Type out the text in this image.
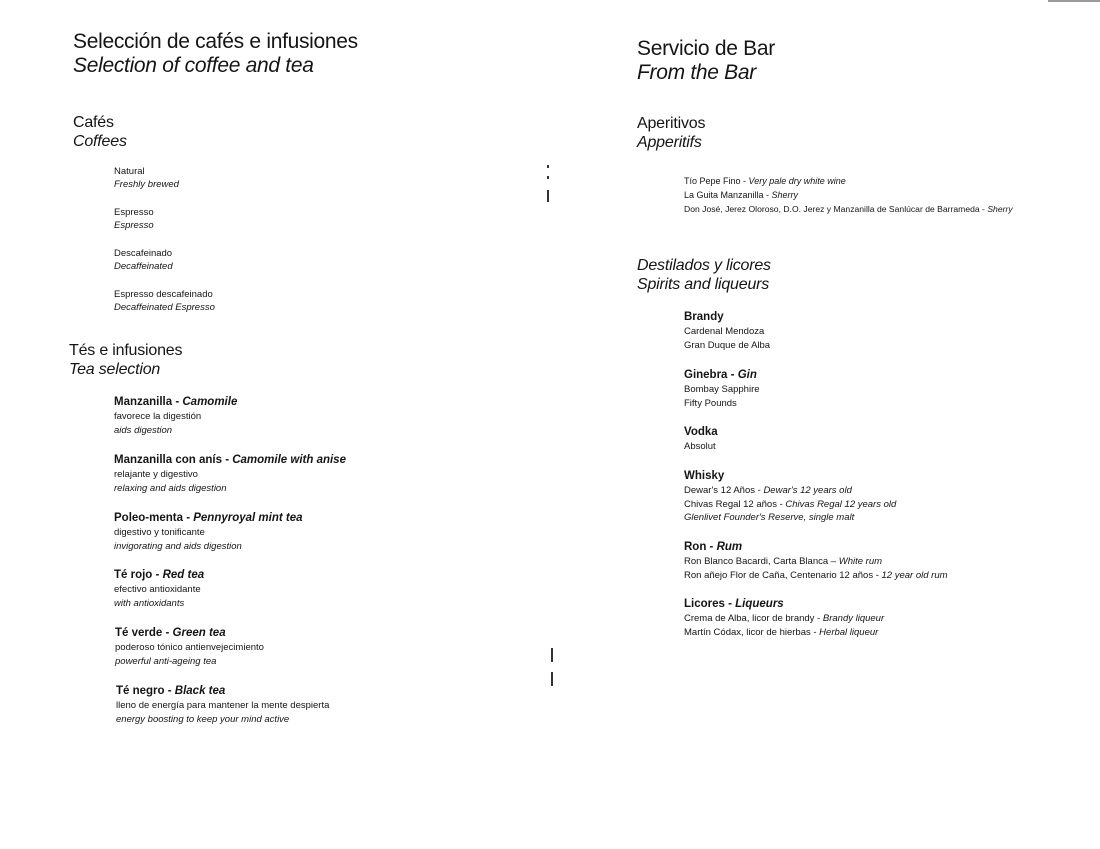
Selección de cafés e infusiones
Selection of coffee and tea
Cafés
Coffees
Natural
Freshly brewed
Espresso
Espresso
Descafeinado
Decaffeinated
Espresso descafeinado
Decaffeinated Espresso
Tés e infusiones
Tea selection
Manzanilla - Camomile
favorece la digestión
aids digestion
Manzanilla con anís - Camomile with anise
relajante y digestivo
relaxing and aids digestion
Poleo-menta - Pennyroyal mint tea
digestivo y tonificante
invigorating and aids digestion
Té rojo - Red tea
efectivo antioxidante
with antioxidants
Té verde - Green tea
poderoso tónico antienvejecimiento
powerful anti-ageing tea
Té negro - Black tea
lleno de energía para mantener la mente despierta
energy boosting to keep your mind active
Servicio de Bar
From the Bar
Aperitivos
Apperitifs
Tío Pepe Fino - Very pale dry white wine
La Guita Manzanilla - Sherry
Don José, Jerez Oloroso, D.O. Jerez y Manzanilla de Sanlúcar de Barrameda - Sherry
Destilados y licores
Spirits and liqueurs
Brandy
Cardenal Mendoza
Gran Duque de Alba
Ginebra - Gin
Bombay Sapphire
Fifty Pounds
Vodka
Absolut
Whisky
Dewar's 12 Años - Dewar's 12 years old
Chivas Regal 12 años - Chivas Regal 12 years old
Glenlivet Founder's Reserve, single malt
Ron - Rum
Ron Blanco Bacardi, Carta Blanca – White rum
Ron añejo Flor de Caña, Centenario 12 años - 12 year old rum
Licores - Liqueurs
Crema de Alba, licor de brandy - Brandy liqueur
Martín Códax, licor de hierbas - Herbal liqueur
